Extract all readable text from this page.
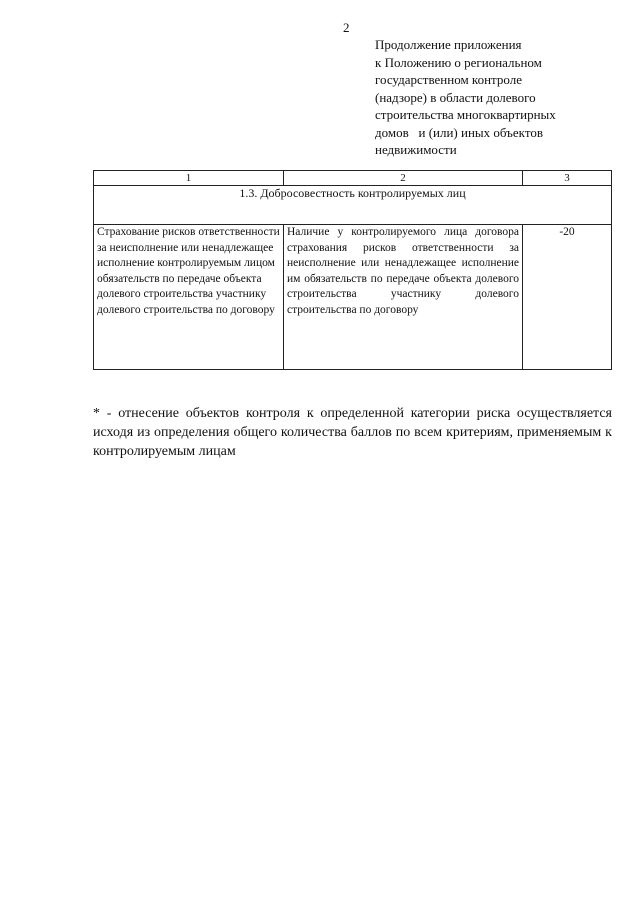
2
Продолжение приложения
к Положению о региональном
государственном контроле
(надзоре) в области долевого
строительства многоквартирных
домов   и (или) иных объектов
недвижимости
1	2	3
1.3. Добросовестность контролируемых лиц		
Страхование рисков ответственности за неисполнение или ненадлежащее исполнение контролируемым лицом обязательств по передаче объекта долевого строительства участнику долевого строительства по договору	Наличие у контролируемого лица договора страхования рисков ответственности за неисполнение или ненадлежащее исполнение им обязательств по передаче объекта долевого строительства участнику долевого строительства по договору	-20
* - отнесение объектов контроля к определенной категории риска осуществляется исходя из определения общего количества баллов по всем критериям, применяемым к контролируемым лицам
